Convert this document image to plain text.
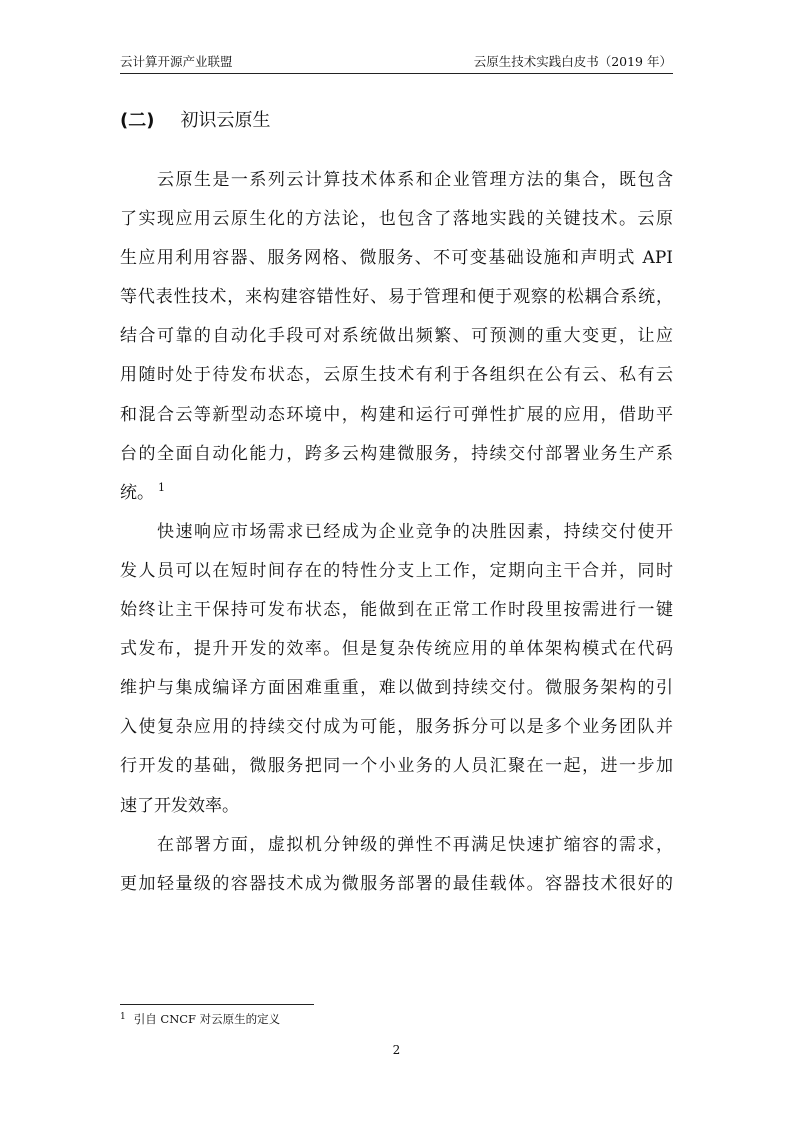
云计算开源产业联盟	云原生技术实践白皮书（2019 年）
(二) 初识云原生
云原生是一系列云计算技术体系和企业管理方法的集合，既包含
了实现应用云原生化的方法论，也包含了落地实践的关键技术。云原
生应用利用容器、服务网格、微服务、不可变基础设施和声明式 API
等代表性技术，来构建容错性好、易于管理和便于观察的松耦合系统，
结合可靠的自动化手段可对系统做出频繁、可预测的重大变更，让应
用随时处于待发布状态，云原生技术有利于各组织在公有云、私有云
和混合云等新型动态环境中，构建和运行可弹性扩展的应用，借助平
台的全面自动化能力，跨多云构建微服务，持续交付部署业务生产系
统。 $^1$
快速响应市场需求已经成为企业竞争的决胜因素，持续交付使开
发人员可以在短时间存在的特性分支上工作，定期向主干合并，同时
始终让主干保持可发布状态，能做到在正常工作时段里按需进行一键
式发布，提升开发的效率。但是复杂传统应用的单体架构模式在代码
维护与集成编译方面困难重重，难以做到持续交付。微服务架构的引
入使复杂应用的持续交付成为可能，服务拆分可以是多个业务团队并
行开发的基础，微服务把同一个小业务的人员汇聚在一起，进一步加
速了开发效率。
在部署方面，虚拟机分钟级的弹性不再满足快速扩缩容的需求，
更加轻量级的容器技术成为微服务部署的最佳载体。容器技术很好的
$^1$ 引自 CNCF 对云原生的定义
2
